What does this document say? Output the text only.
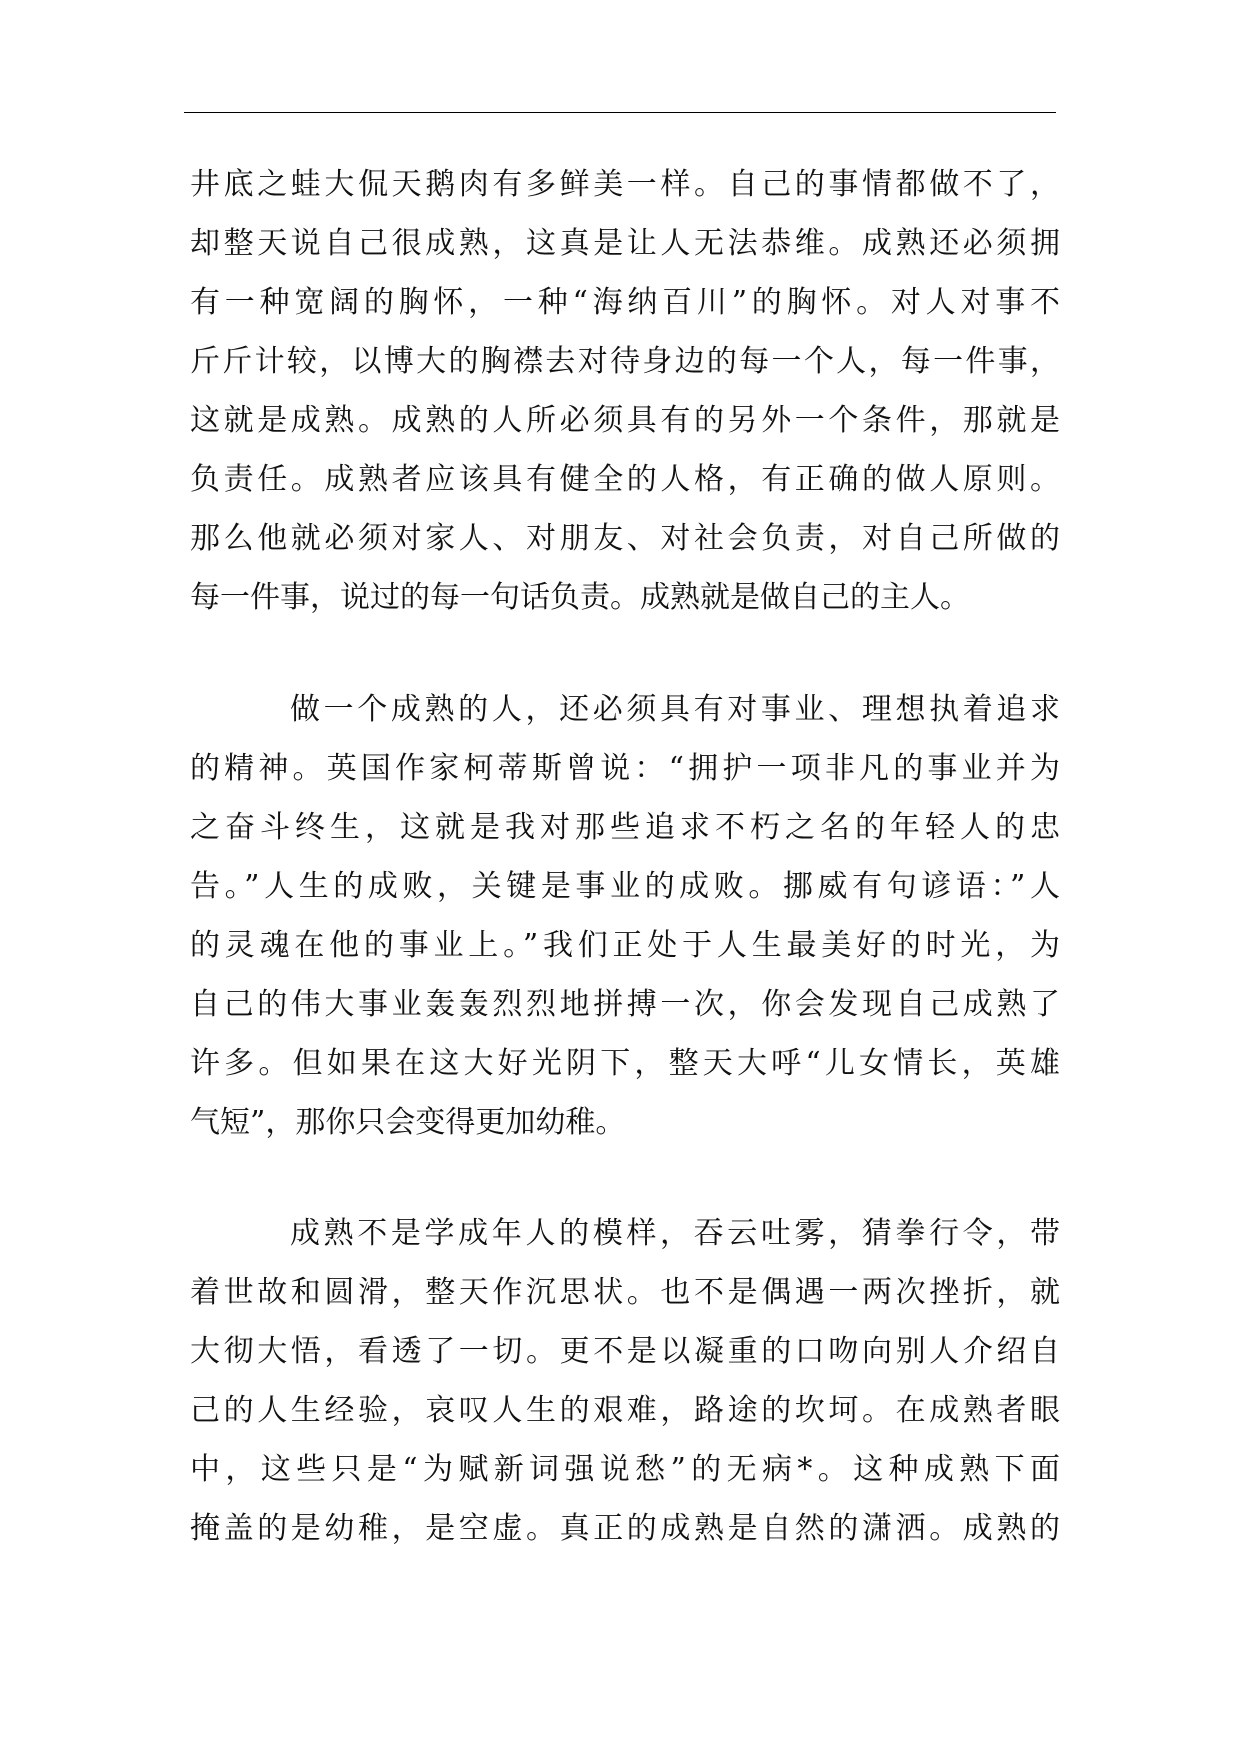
井底之蛙大侃天鹅肉有多鲜美一样。自己的事情都做不了，
却整天说自己很成熟，这真是让人无法恭维。成熟还必须拥
有一种宽阔的胸怀，一种“海纳百川”的胸怀。对人对事不
斤斤计较，以博大的胸襟去对待身边的每一个人，每一件事，
这就是成熟。成熟的人所必须具有的另外一个条件，那就是
负责任。成熟者应该具有健全的人格，有正确的做人原则。
那么他就必须对家人、对朋友、对社会负责，对自己所做的
每一件事，说过的每一句话负责。成熟就是做自己的主人。
做一个成熟的人，还必须具有对事业、理想执着追求
的精神。英国作家柯蒂斯曾说：“拥护一项非凡的事业并为
之奋斗终生，这就是我对那些追求不朽之名的年轻人的忠
告。”人生的成败，关键是事业的成败。挪威有句谚语：”人
的灵魂在他的事业上。”我们正处于人生最美好的时光，为
自己的伟大事业轰轰烈烈地拼搏一次，你会发现自己成熟了
许多。但如果在这大好光阴下，整天大呼“儿女情长，英雄
气短”，那你只会变得更加幼稚。
成熟不是学成年人的模样，吞云吐雾，猜拳行令，带
着世故和圆滑，整天作沉思状。也不是偶遇一两次挫折，就
大彻大悟，看透了一切。更不是以凝重的口吻向别人介绍自
己的人生经验，哀叹人生的艰难，路途的坎坷。在成熟者眼
中，这些只是“为赋新词强说愁”的无病*。这种成熟下面
掩盖的是幼稚，是空虚。真正的成熟是自然的潇洒。成熟的
